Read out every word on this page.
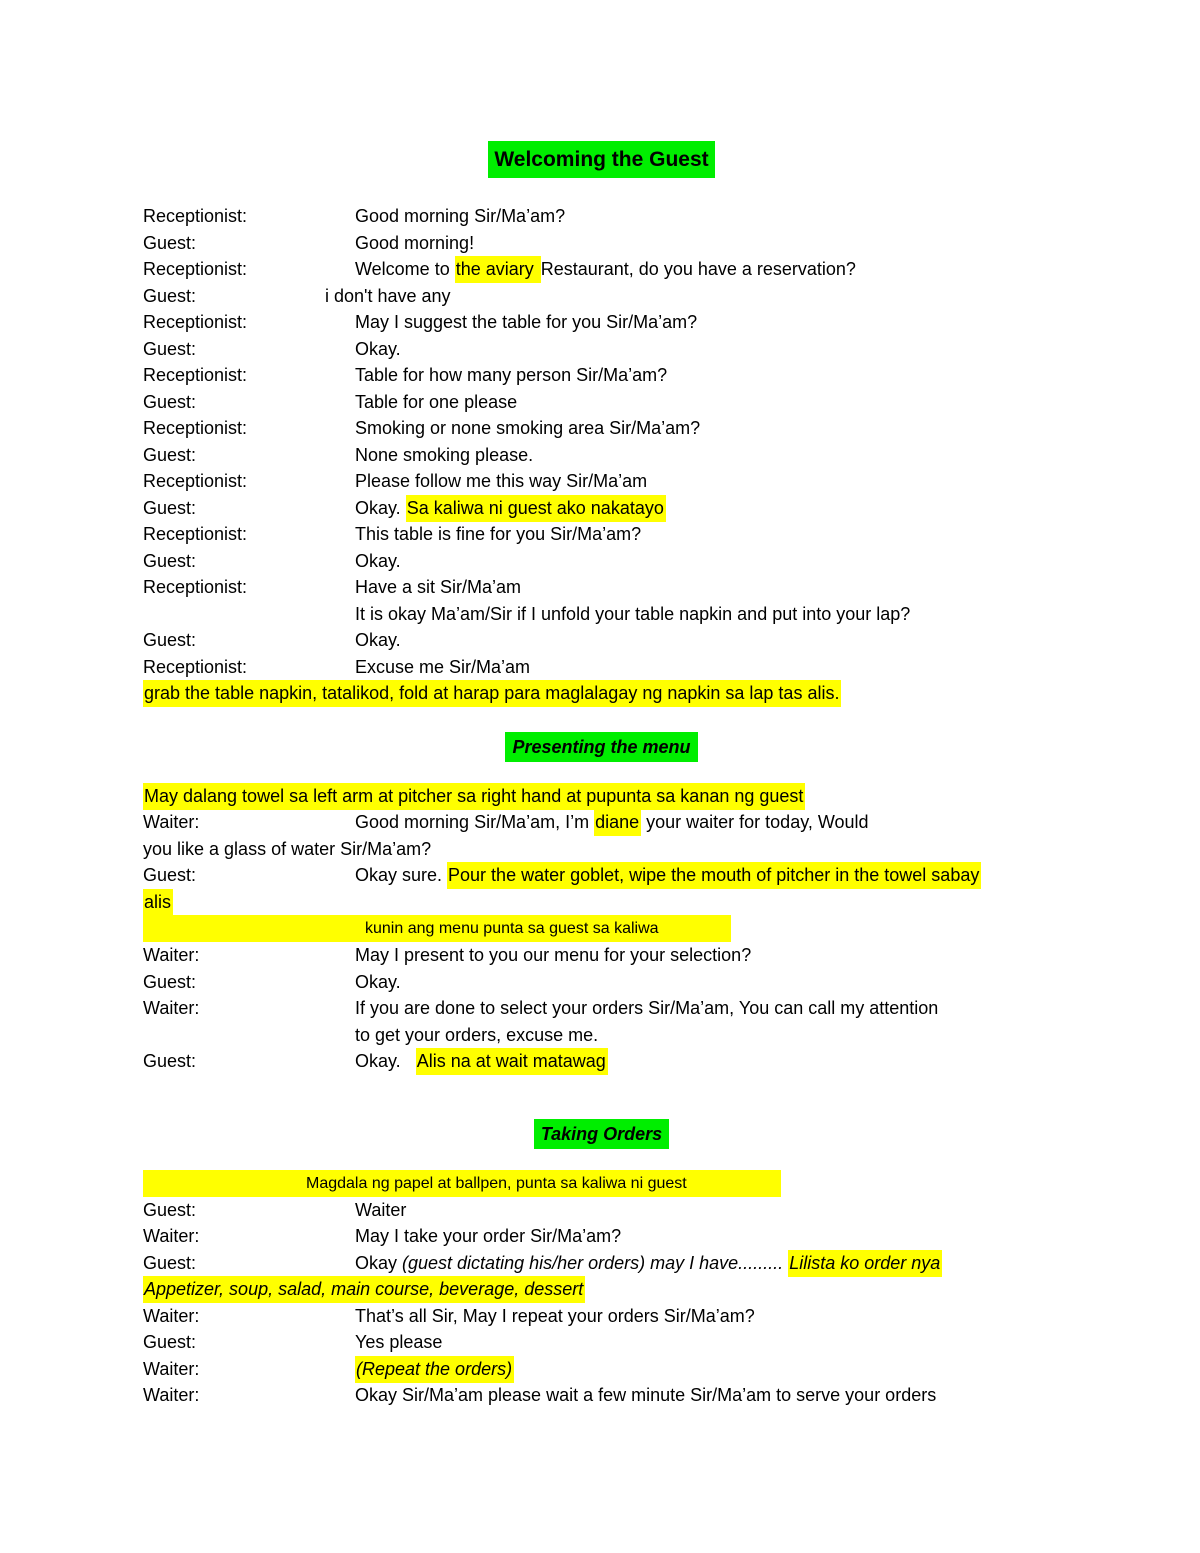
Welcoming the Guest
Receptionist:	Good morning Sir/Ma’am?
Guest:	Good morning!
Receptionist:	Welcome to the aviary Restaurant, do you have a reservation?
Guest:	i don't have any
Receptionist:	May I suggest the table for you Sir/Ma’am?
Guest:	Okay.
Receptionist:	Table for how many person Sir/Ma’am?
Guest:	Table for one please
Receptionist:	Smoking or none smoking area Sir/Ma’am?
Guest:	None smoking please.
Receptionist:	Please follow me this way Sir/Ma’am
Guest:	Okay. Sa kaliwa ni guest ako nakatayo
Receptionist:	This table is fine for you Sir/Ma’am?
Guest:	Okay.
Receptionist:	Have a sit Sir/Ma’am
It is okay Ma’am/Sir if I unfold your table napkin and put into your lap?
Guest:	Okay.
Receptionist:	Excuse me Sir/Ma’am
grab the table napkin, tatalikod, fold at harap para maglalagay ng napkin sa lap tas alis.
Presenting the menu
May dalang towel sa left arm at pitcher sa right hand at pupunta sa kanan ng guest
Waiter:	Good morning Sir/Ma’am, I’m diane your waiter for today, Would
you like a glass of water Sir/Ma’am?
Guest:	Okay sure. Pour the water goblet, wipe the mouth of pitcher in the towel sabay
alis
kunin ang menu punta sa guest sa kaliwa
Waiter:	May I present to you our menu for your selection?
Guest:	Okay.
Waiter:	If you are done to select your orders Sir/Ma’am, You can call my attention
to get your orders, excuse me.
Guest:	Okay.   Alis na at wait matawag
Taking Orders
Magdala ng papel at ballpen, punta sa kaliwa ni guest
Guest:	Waiter
Waiter:	May I take your order Sir/Ma’am?
Guest:	Okay (guest dictating his/her orders) may I have......... Lilista ko order nya
Appetizer, soup, salad, main course, beverage, dessert
Waiter:	That’s all Sir, May I repeat your orders Sir/Ma’am?
Guest:	Yes please
Waiter:	(Repeat the orders)
Waiter:	Okay Sir/Ma’am please wait a few minute Sir/Ma’am to serve your orders
